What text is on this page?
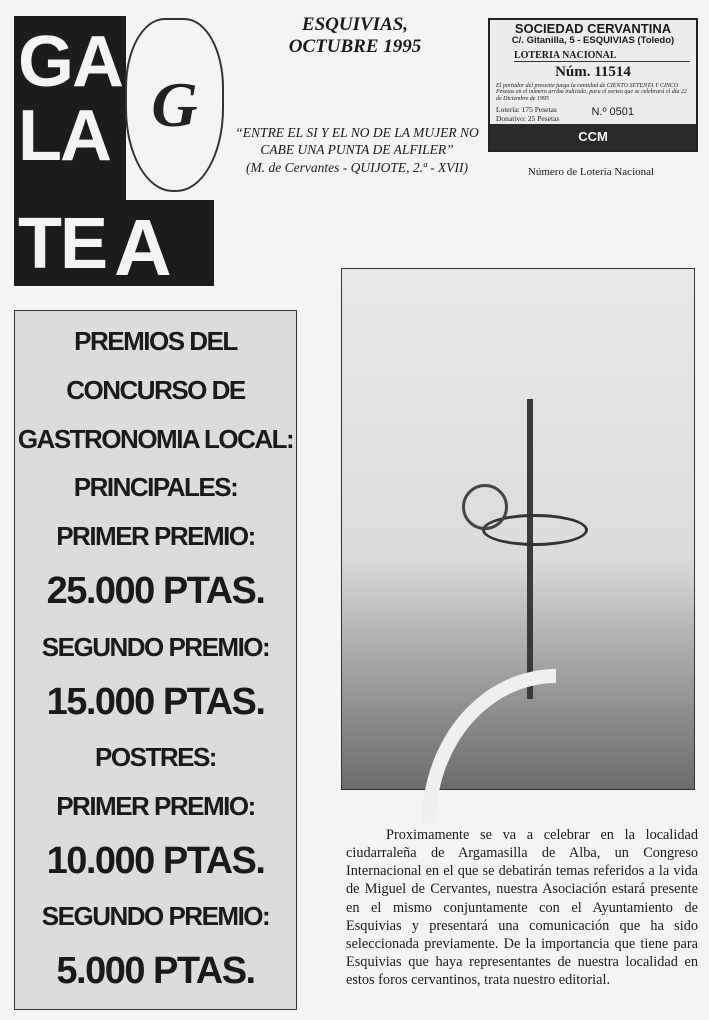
GA
LA
TE A
G
ESQUIVIAS,
OCTUBRE 1995
“ENTRE EL SI Y EL NO DE LA MUJER NO CABE UNA PUNTA DE ALFILER”
(M. de Cervantes - QUIJOTE, 2.ª - XVII)
SOCIEDAD CERVANTINA
C/. Gitanilla, 5 - ESQUIVIAS (Toledo)
LOTERIA NACIONAL
Núm. 11514
El portador del presente juega la cantidad de CIENTO SETENTA Y CINCO Pesetas en el número arriba indicado, para el sorteo que se celebrará el día 22 de Diciembre de 1995
Lotería: 175 Pesetas
Donativo: 25 Pesetas
N.º 0501
CCM
Número de Lotería Nacional
PREMIOS DEL
CONCURSO DE
GASTRONOMIA LOCAL:
PRINCIPALES:
PRIMER PREMIO:
25.000 PTAS.
SEGUNDO PREMIO:
15.000 PTAS.
POSTRES:
PRIMER PREMIO:
10.000 PTAS.
SEGUNDO PREMIO:
5.000 PTAS.
Proximamente se va a celebrar en la localidad ciudarraleña de Argamasilla de Alba, un Congreso Internacional en el que se debatirán temas referidos a la vida de Miguel de Cervantes, nuestra Asociación estará presente en el mismo conjuntamente con el Ayuntamiento de Esquivias y presentará una comunicación que ha sido seleccionada previamente. De la importancia que tiene para Esquivias que haya representantes de nuestra localidad en estos foros cervantinos, trata nuestro editorial.
